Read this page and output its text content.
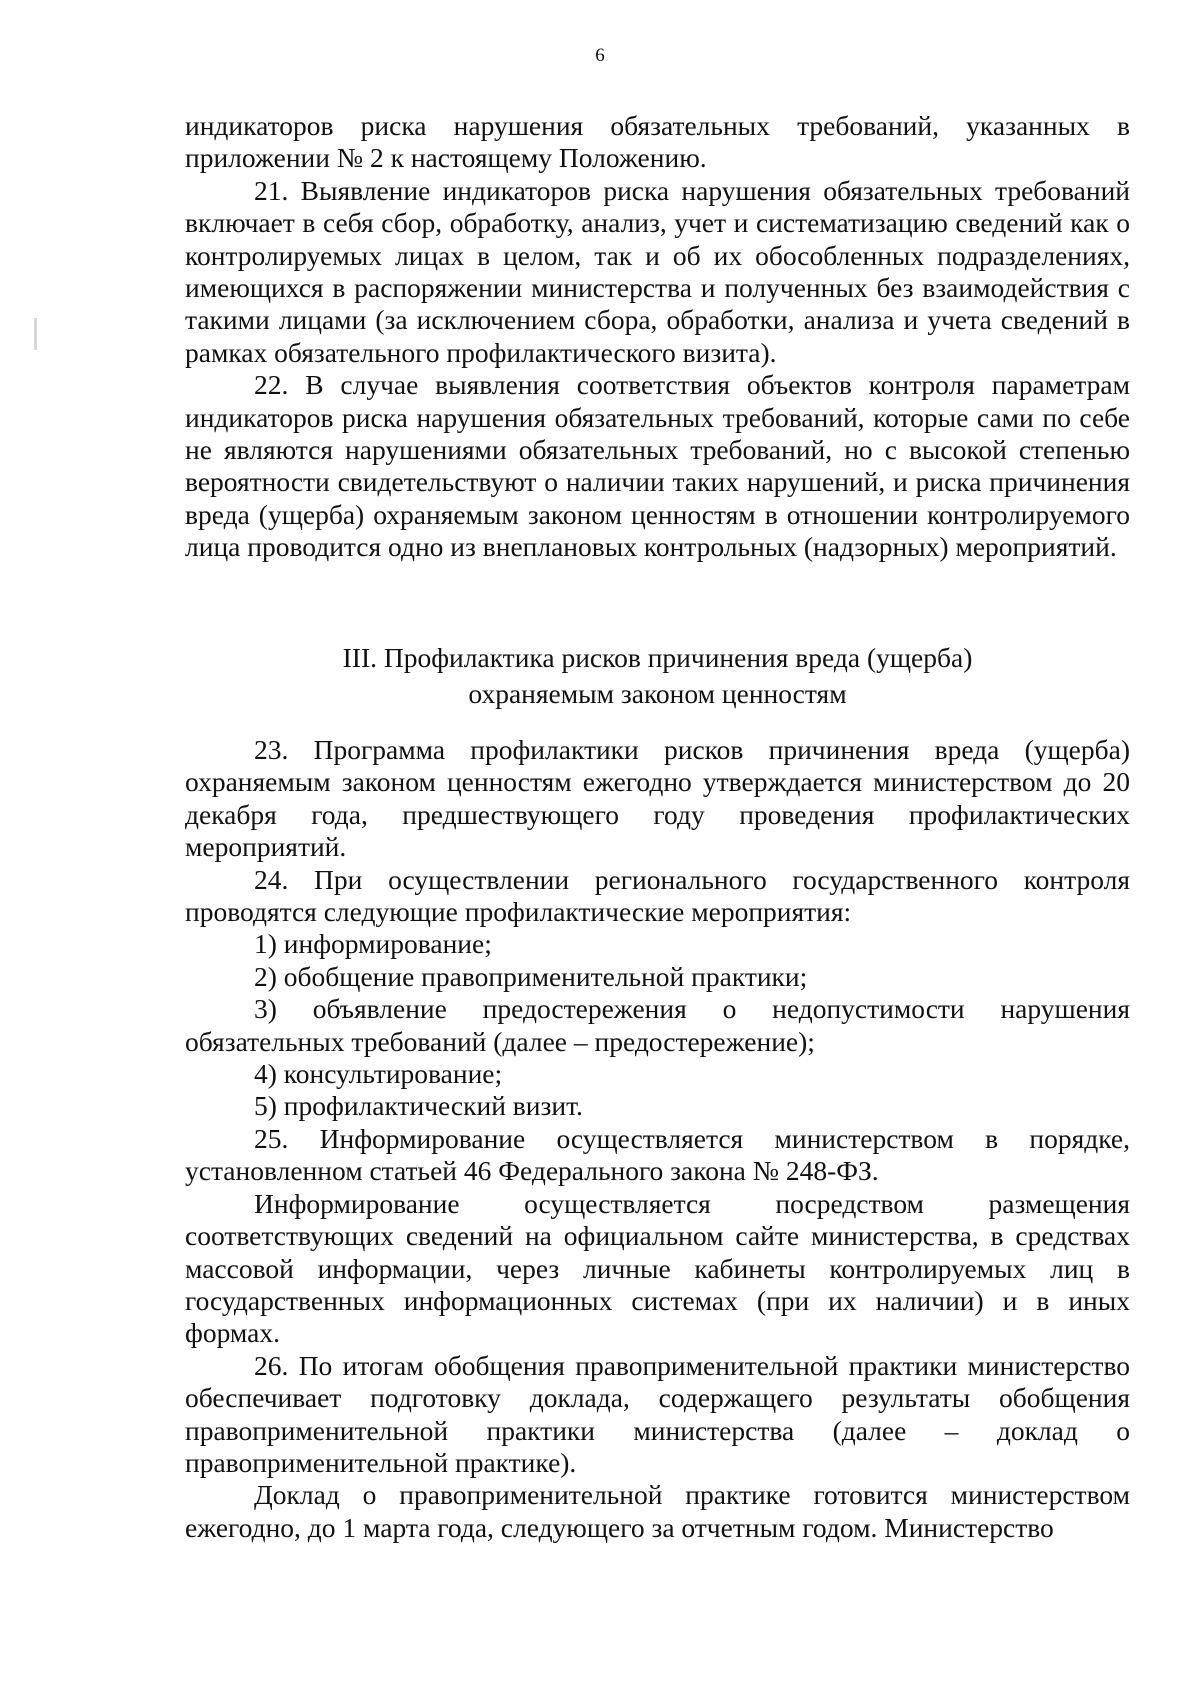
6

индикаторов риска нарушения обязательных требований, указанных в приложении № 2 к настоящему Положению.

21. Выявление индикаторов риска нарушения обязательных требований включает в себя сбор, обработку, анализ, учет и систематизацию сведений как о контролируемых лицах в целом, так и об их обособленных подразделениях, имеющихся в распоряжении министерства и полученных без взаимодействия с такими лицами (за исключением сбора, обработки, анализа и учета сведений в рамках обязательного профилактического визита).

22. В случае выявления соответствия объектов контроля параметрам индикаторов риска нарушения обязательных требований, которые сами по себе не являются нарушениями обязательных требований, но с высокой степенью вероятности свидетельствуют о наличии таких нарушений, и риска причинения вреда (ущерба) охраняемым законом ценностям в отношении контролируемого лица проводится одно из внеплановых контрольных (надзорных) мероприятий.

III. Профилактика рисков причинения вреда (ущерба)
охраняемым законом ценностям

23. Программа профилактики рисков причинения вреда (ущерба) охраняемым законом ценностям ежегодно утверждается министерством до 20 декабря года, предшествующего году проведения профилактических мероприятий.

24. При осуществлении регионального государственного контроля проводятся следующие профилактические мероприятия:

1) информирование;

2) обобщение правоприменительной практики;

3) объявление предостережения о недопустимости нарушения обязательных требований (далее – предостережение);

4) консультирование;

5) профилактический визит.

25. Информирование осуществляется министерством в порядке, установленном статьей 46 Федерального закона № 248-ФЗ.

Информирование осуществляется посредством размещения соответствующих сведений на официальном сайте министерства, в средствах массовой информации, через личные кабинеты контролируемых лиц в государственных информационных системах (при их наличии) и в иных формах.

26. По итогам обобщения правоприменительной практики министерство обеспечивает подготовку доклада, содержащего результаты обобщения правоприменительной практики министерства (далее – доклад о правоприменительной практике).

Доклад о правоприменительной практике готовится министерством ежегодно, до 1 марта года, следующего за отчетным годом. Министерство
